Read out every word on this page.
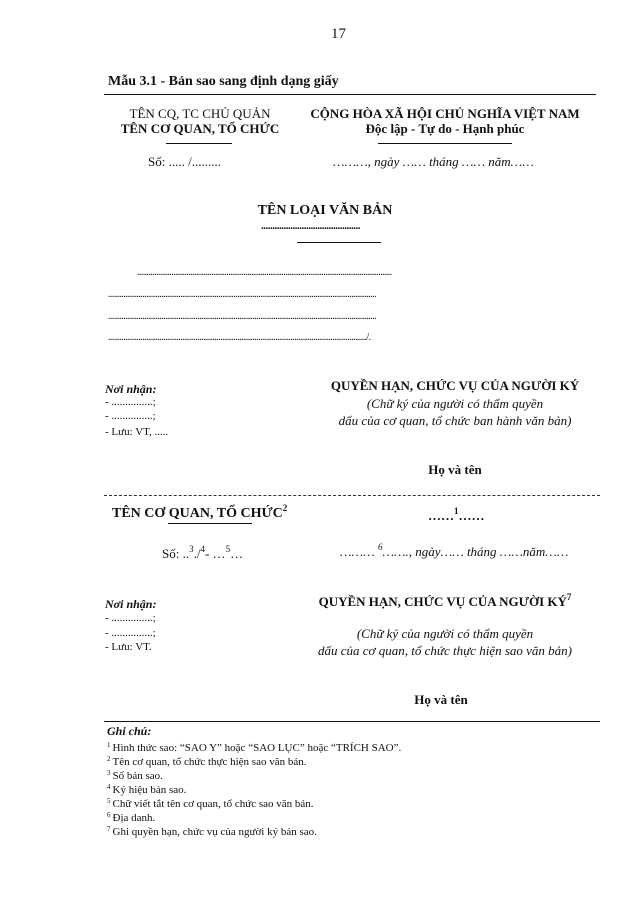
17
Mẫu 3.1 - Bản sao sang định dạng giấy
TÊN CQ, TC CHỦ QUẢN
TÊN CƠ QUAN, TỔ CHỨC
CỘNG HÒA XÃ HỘI CHỦ NGHĨA VIỆT NAM
Độc lập - Tự do - Hạnh phúc
Số: ..... /.........	………, ngày …… tháng …… năm……
TÊN LOẠI VĂN BẢN
............................................
......................................................................................................................................
.............................................................................................................................................
.............................................................................................................................................
......................................................................................................................................../.
Nơi nhận:
- ...............;
- ...............;
- Lưu: VT, .....
QUYỀN HẠN, CHỨC VỤ CỦA NGƯỜI KÝ
(Chữ ký của người có thẩm quyền
dấu của cơ quan, tổ chức ban hành văn bản)
Họ và tên
TÊN CƠ QUAN, TỔ CHỨC$^2$	……$^1$……
Số: ..$^3$./$^4$- …$^5$…	……… $^6$……., ngày…… tháng ……năm……
Nơi nhận:
- ...............;
- ...............;
- Lưu: VT.
QUYỀN HẠN, CHỨC VỤ CỦA NGƯỜI $KÝ^7$
(Chữ ký của người có thẩm quyền
dấu của cơ quan, tổ chức thực hiện sao văn bản)
Họ và tên
Ghi chú:
$^1$ Hình thức sao: “SAO Y” hoặc “SAO LỤC” hoặc “TRÍCH SAO”.
$^2$ Tên cơ quan, tổ chức thực hiện sao văn bản.
$^3$ Số bản sao.
$^4$ Ký hiệu bản sao.
$^5$ Chữ viết tắt tên cơ quan, tổ chức sao văn bản.
$^6$ Địa danh.
$^7$ Ghi quyền hạn, chức vụ của người ký bản sao.
